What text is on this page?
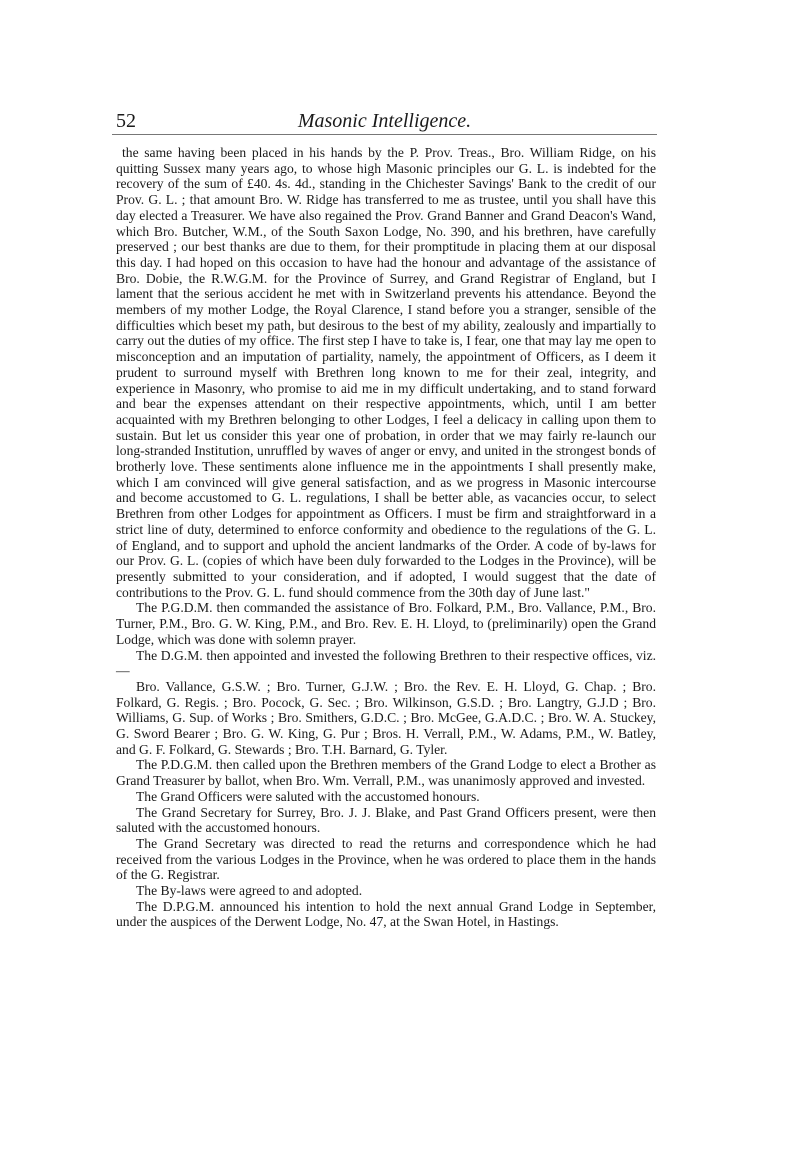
52	Masonic Intelligence.

the same having been placed in his hands by the P. Prov. Treas., Bro. William Ridge, on his quitting Sussex many years ago, to whose high Masonic principles our G. L. is indebted for the recovery of the sum of £40. 4s. 4d., standing in the Chichester Savings' Bank to the credit of our Prov. G. L. ; that amount Bro. W. Ridge has transferred to me as trustee, until you shall have this day elected a Treasurer. We have also regained the Prov. Grand Banner and Grand Deacon's Wand, which Bro. Butcher, W.M., of the South Saxon Lodge, No. 390, and his brethren, have carefully preserved ; our best thanks are due to them, for their promptitude in placing them at our disposal this day. I had hoped on this occasion to have had the honour and advantage of the assistance of Bro. Dobie, the R.W.G.M. for the Province of Surrey, and Grand Registrar of England, but I lament that the serious accident he met with in Switzerland prevents his attendance. Beyond the members of my mother Lodge, the Royal Clarence, I stand before you a stranger, sensible of the difficulties which beset my path, but desirous to the best of my ability, zealously and impartially to carry out the duties of my office. The first step I have to take is, I fear, one that may lay me open to misconception and an imputation of partiality, namely, the appointment of Officers, as I deem it prudent to surround myself with Brethren long known to me for their zeal, integrity, and experience in Masonry, who promise to aid me in my difficult undertaking, and to stand forward and bear the expenses attendant on their respective appointments, which, until I am better acquainted with my Brethren belonging to other Lodges, I feel a delicacy in calling upon them to sustain. But let us consider this year one of probation, in order that we may fairly re-launch our long-stranded Institution, unruffled by waves of anger or envy, and united in the strongest bonds of brotherly love. These sentiments alone influence me in the appointments I shall presently make, which I am convinced will give general satisfaction, and as we progress in Masonic intercourse and become accustomed to G. L. regulations, I shall be better able, as vacancies occur, to select Brethren from other Lodges for appointment as Officers. I must be firm and straightforward in a strict line of duty, determined to enforce conformity and obedience to the regulations of the G. L. of England, and to support and uphold the ancient landmarks of the Order. A code of by-laws for our Prov. G. L. (copies of which have been duly forwarded to the Lodges in the Province), will be presently submitted to your consideration, and if adopted, I would suggest that the date of contributions to the Prov. G. L. fund should commence from the 30th day of June last."

The P.G.D.M. then commanded the assistance of Bro. Folkard, P.M., Bro. Vallance, P.M., Bro. Turner, P.M., Bro. G. W. King, P.M., and Bro. Rev. E. H. Lloyd, to (preliminarily) open the Grand Lodge, which was done with solemn prayer.

The D.G.M. then appointed and invested the following Brethren to their respective offices, viz.—

Bro. Vallance, G.S.W. ; Bro. Turner, G.J.W. ; Bro. the Rev. E. H. Lloyd, G. Chap. ; Bro. Folkard, G. Regis. ; Bro. Pocock, G. Sec. ; Bro. Wilkinson, G.S.D. ; Bro. Langtry, G.J.D ; Bro. Williams, G. Sup. of Works ; Bro. Smithers, G.D.C. ; Bro. McGee, G.A.D.C. ; Bro. W. A. Stuckey, G. Sword Bearer ; Bro. G. W. King, G. Pur ; Bros. H. Verrall, P.M., W. Adams, P.M., W. Batley, and G. F. Folkard, G. Stewards ; Bro. T.H. Barnard, G. Tyler.

The P.D.G.M. then called upon the Brethren members of the Grand Lodge to elect a Brother as Grand Treasurer by ballot, when Bro. Wm. Verrall, P.M., was unanimosly approved and invested.

The Grand Officers were saluted with the accustomed honours.

The Grand Secretary for Surrey, Bro. J. J. Blake, and Past Grand Officers present, were then saluted with the accustomed honours.

The Grand Secretary was directed to read the returns and correspondence which he had received from the various Lodges in the Province, when he was ordered to place them in the hands of the G. Registrar.

The By-laws were agreed to and adopted.

The D.P.G.M. announced his intention to hold the next annual Grand Lodge in September, under the auspices of the Derwent Lodge, No. 47, at the Swan Hotel, in Hastings.
